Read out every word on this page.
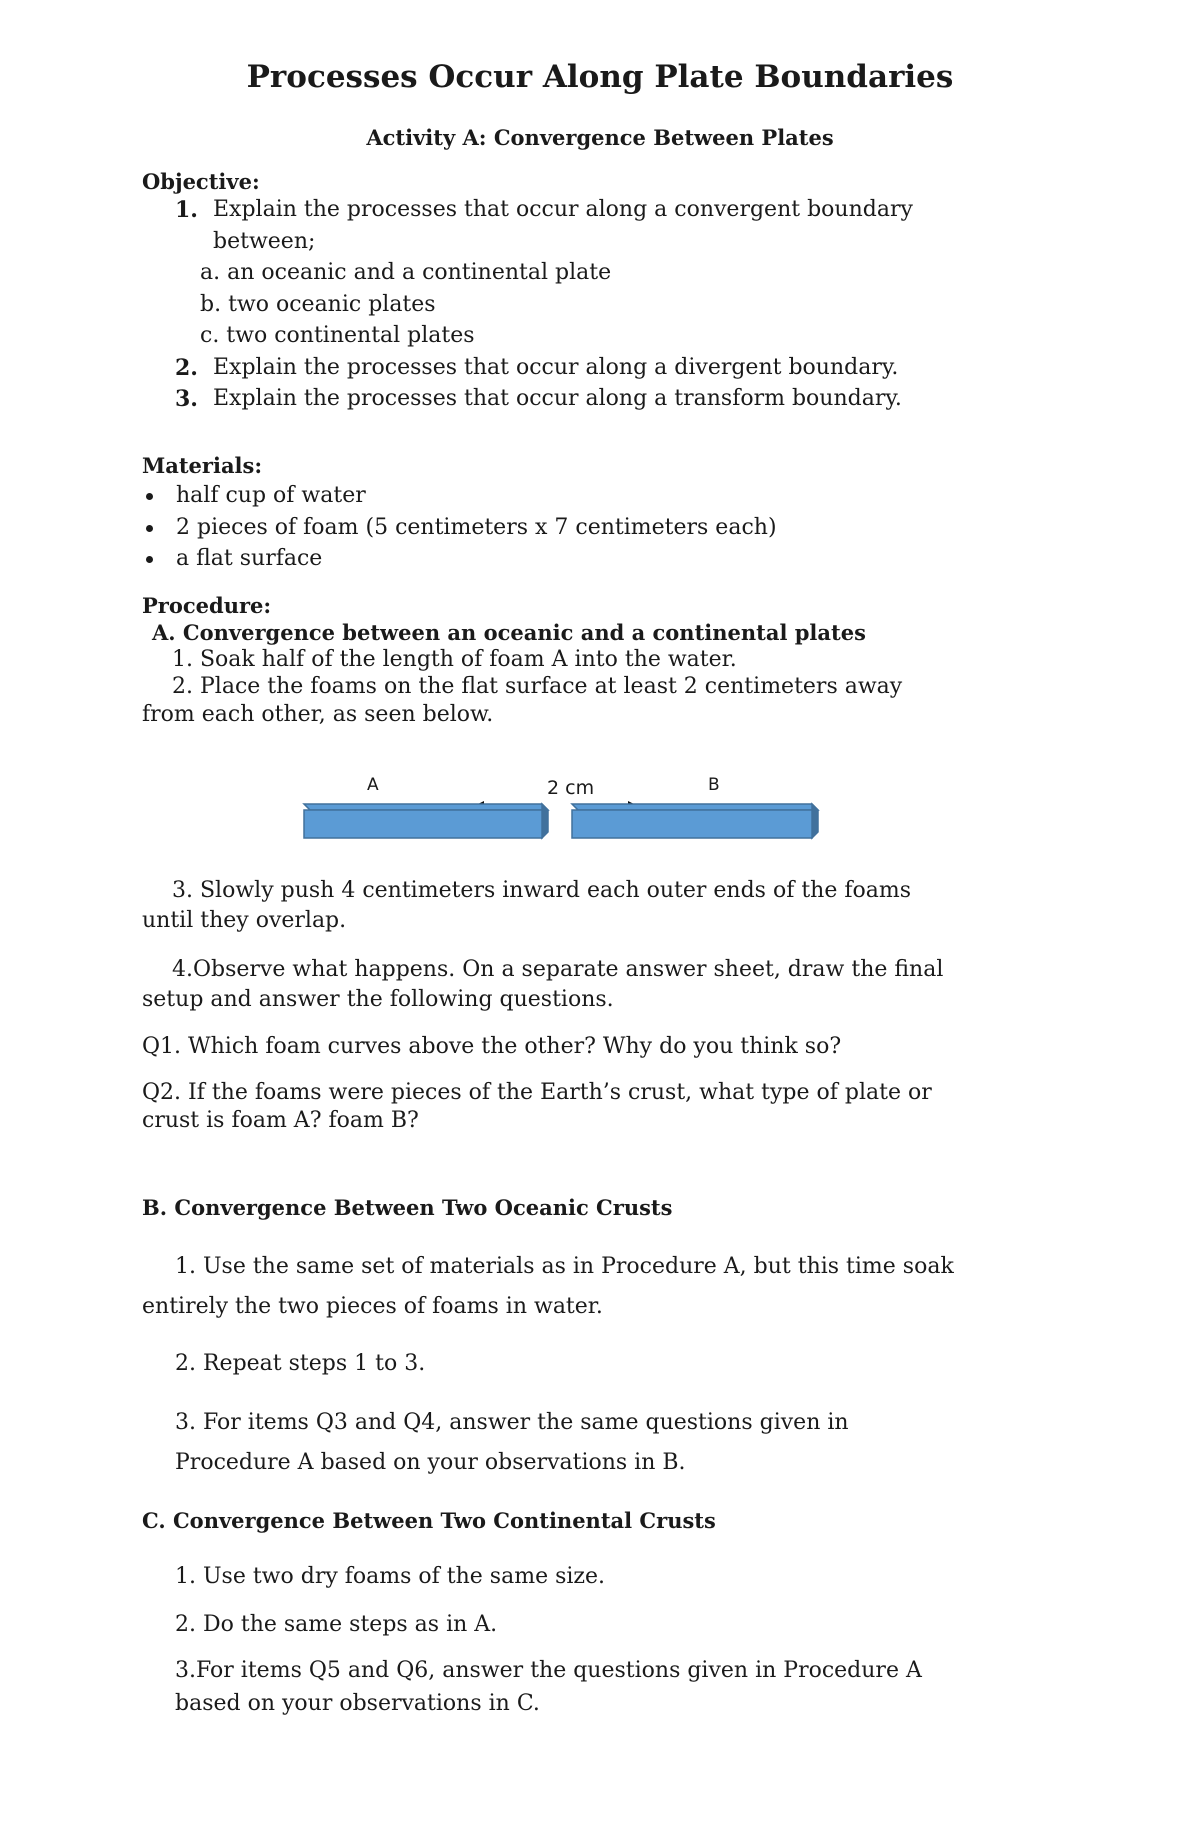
Processes Occur Along Plate Boundaries
Activity A: Convergence Between Plates
Objective:
1. Explain the processes that occur along a convergent boundary
between;
a. an oceanic and a continental plate
b. two oceanic plates
c. two continental plates
2. Explain the processes that occur along a divergent boundary.
3. Explain the processes that occur along a transform boundary.
Materials:
half cup of water
2 pieces of foam (5 centimeters x 7 centimeters each)
a flat surface
Procedure:
A. Convergence between an oceanic and a continental plates
1. Soak half of the length of foam A into the water.
2. Place the foams on the flat surface at least 2 centimeters away
from each other, as seen below.
A	B
2 cm
3. Slowly push 4 centimeters inward each outer ends of the foams
until they overlap.
4.Observe what happens. On a separate answer sheet, draw the final
setup and answer the following questions.
Q1. Which foam curves above the other? Why do you think so?
Q2. If the foams were pieces of the Earth’s crust, what type of plate or
crust is foam A? foam B?
B. Convergence Between Two Oceanic Crusts
1. Use the same set of materials as in Procedure A, but this time soak
entirely the two pieces of foams in water.
2. Repeat steps 1 to 3.
3. For items Q3 and Q4, answer the same questions given in
Procedure A based on your observations in B.
C. Convergence Between Two Continental Crusts
1. Use two dry foams of the same size.
2. Do the same steps as in A.
3.For items Q5 and Q6, answer the questions given in Procedure A
based on your observations in C.
